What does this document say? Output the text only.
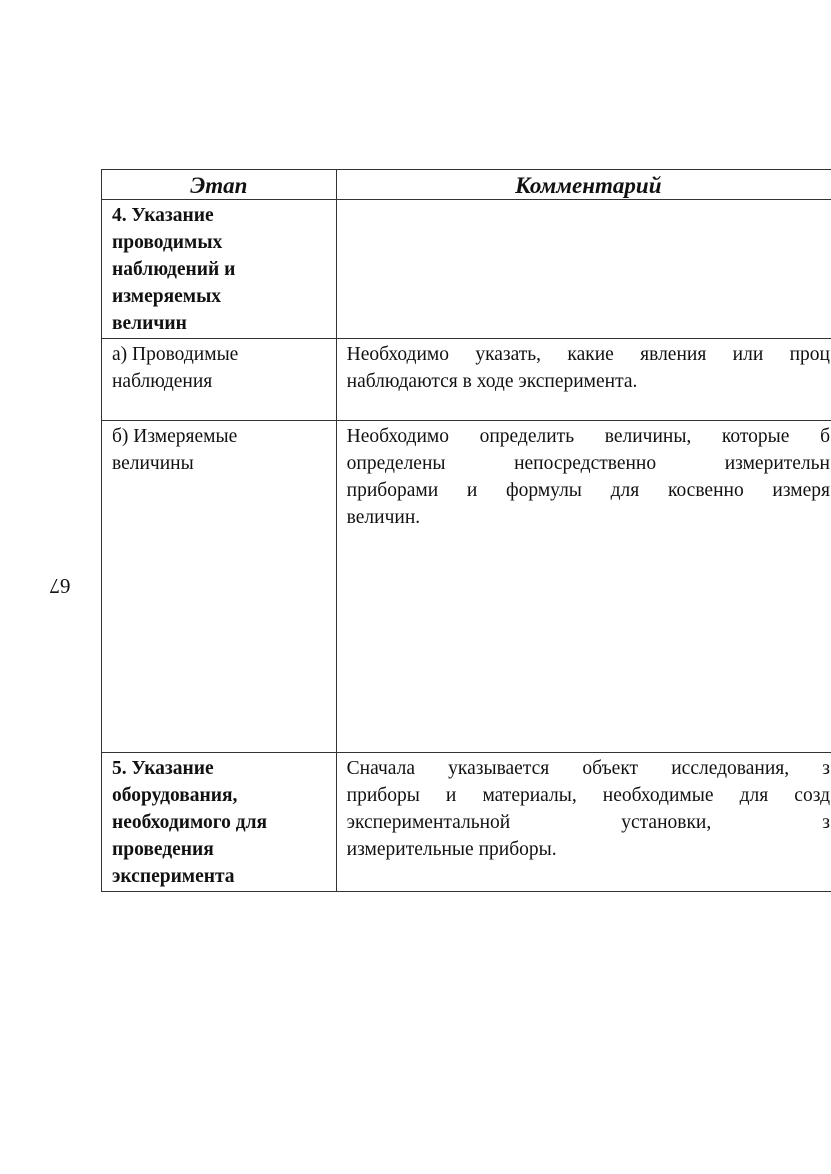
67
Этап	Комментарий

4. Указание
проводимых
наблюдений и
измеряемых
величин	

а) Проводимые
наблюдения	Необходимо указать, какие явления или проц
наблюдаются в ходе эксперимента.

б) Измеряемые
величины	Необходимо определить величины, которые б
определены непосредственно измерительн
приборами и формулы для косвенно измеря
величин.

5. Указание
оборудования,
необходимого для
проведения
эксперимента	Сначала указывается объект исследования, з
приборы и материалы, необходимые для созд
экспериментальной установки, з
измерительные приборы.
